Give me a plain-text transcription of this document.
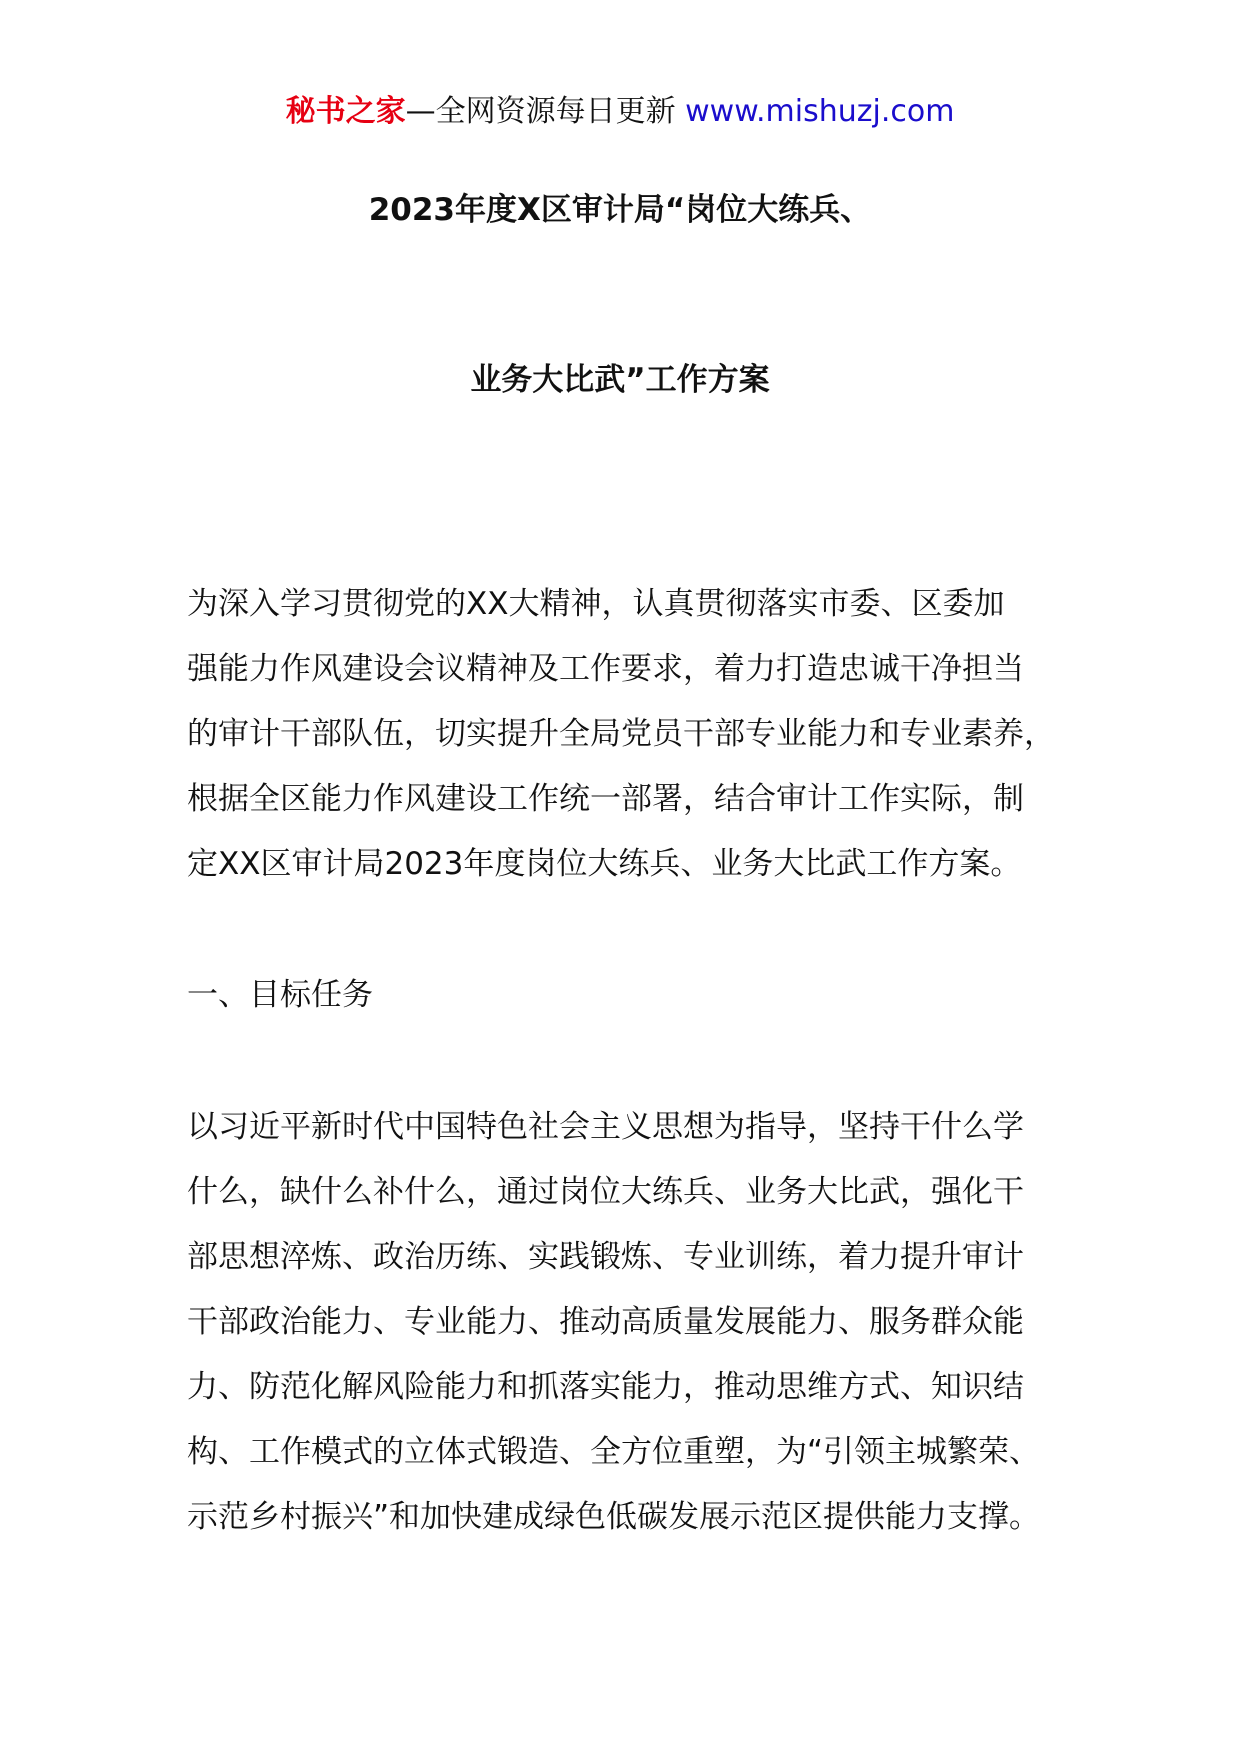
秘书之家—全网资源每日更新 www.mishuzj.com
2023年度X区审计局“岗位大练兵、
业务大比武”工作方案
为深入学习贯彻党的XX大精神，认真贯彻落实市委、区委加
强能力作风建设会议精神及工作要求，着力打造忠诚干净担当
的审计干部队伍，切实提升全局党员干部专业能力和专业素养，
根据全区能力作风建设工作统一部署，结合审计工作实际，制
定XX区审计局2023年度岗位大练兵、业务大比武工作方案。
一、目标任务
以习近平新时代中国特色社会主义思想为指导，坚持干什么学
什么，缺什么补什么，通过岗位大练兵、业务大比武，强化干
部思想淬炼、政治历练、实践锻炼、专业训练，着力提升审计
干部政治能力、专业能力、推动高质量发展能力、服务群众能
力、防范化解风险能力和抓落实能力，推动思维方式、知识结
构、工作模式的立体式锻造、全方位重塑，为“引领主城繁荣、
示范乡村振兴”和加快建成绿色低碳发展示范区提供能力支撑。
